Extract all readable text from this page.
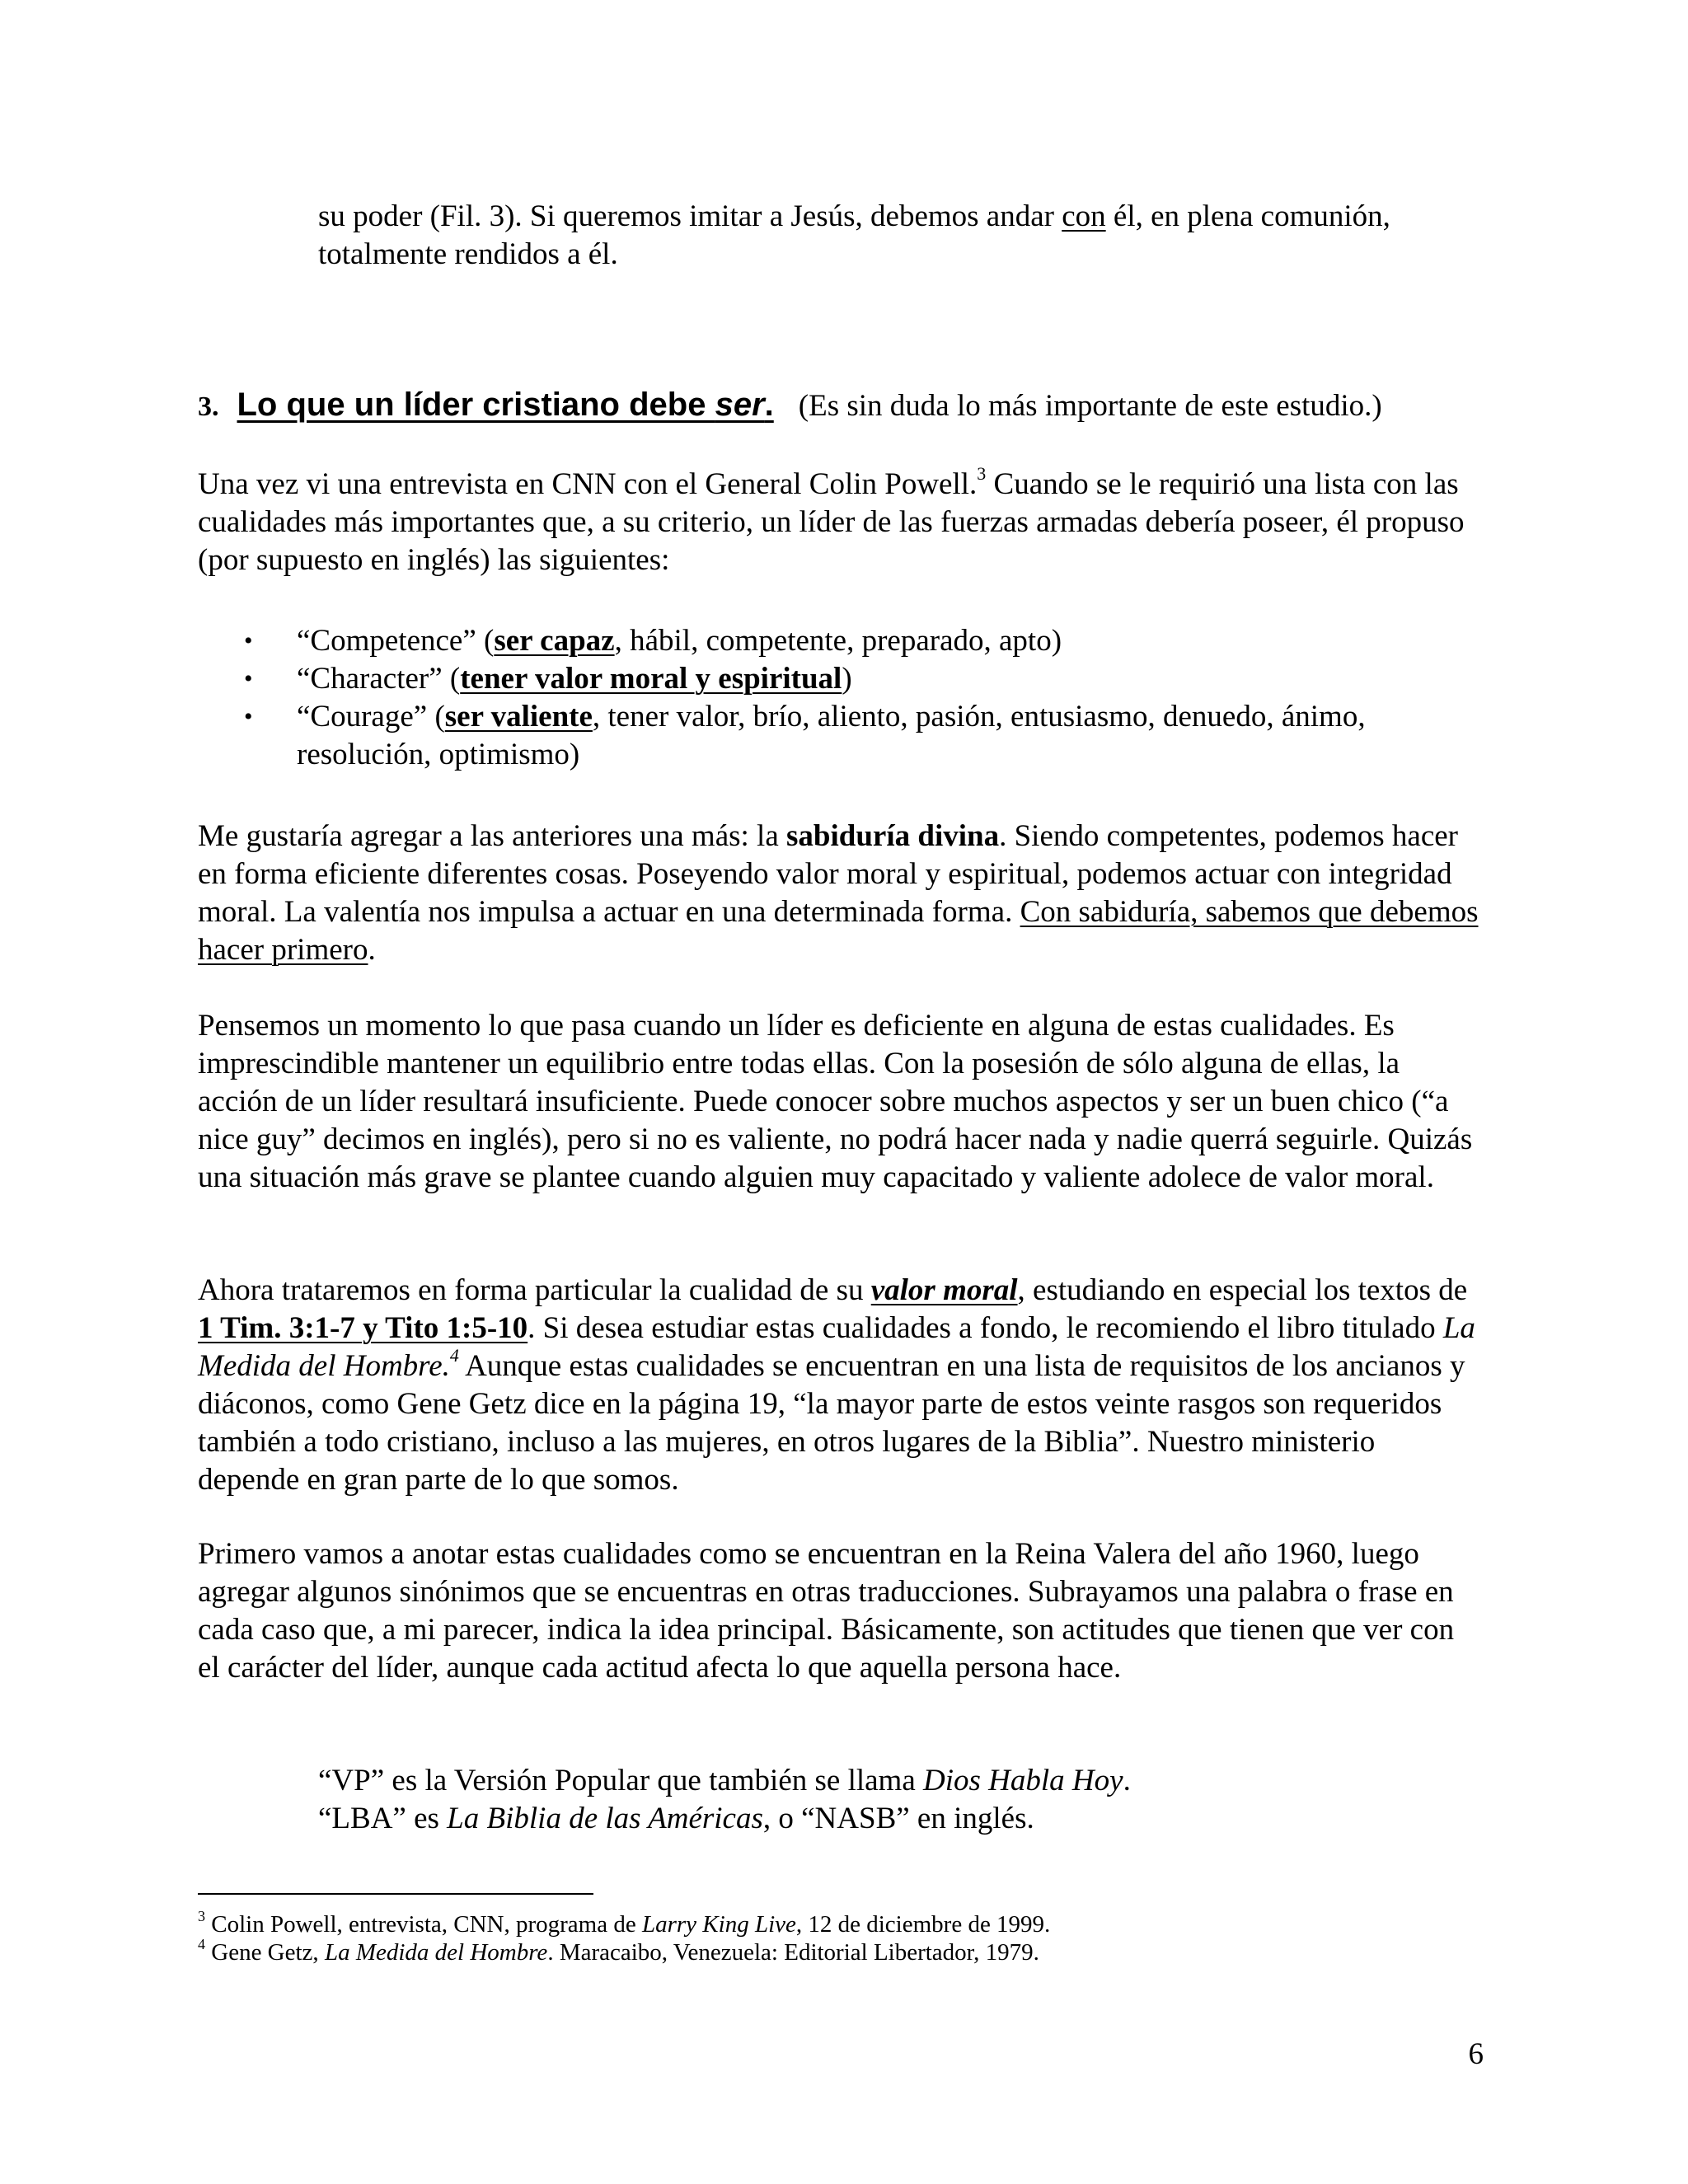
su poder (Fil. 3). Si queremos imitar a Jesús, debemos andar con él, en plena comunión, totalmente rendidos a él.

3. Lo que un líder cristiano debe ser. (Es sin duda lo más importante de este estudio.)

Una vez vi una entrevista en CNN con el General Colin Powell.$^3$ Cuando se le requirió una lista con las cualidades más importantes que, a su criterio, un líder de las fuerzas armadas debería poseer, él propuso (por supuesto en inglés) las siguientes:

• “Competence” (ser capaz, hábil, competente, preparado, apto)
• “Character” (tener valor moral y espiritual)
• “Courage” (ser valiente, tener valor, brío, aliento, pasión, entusiasmo, denuedo, ánimo, resolución, optimismo)

Me gustaría agregar a las anteriores una más: la sabiduría divina. Siendo competentes, podemos hacer en forma eficiente diferentes cosas. Poseyendo valor moral y espiritual, podemos actuar con integridad moral. La valentía nos impulsa a actuar en una determinada forma. Con sabiduría, sabemos que debemos hacer primero.

Pensemos un momento lo que pasa cuando un líder es deficiente en alguna de estas cualidades. Es imprescindible mantener un equilibrio entre todas ellas. Con la posesión de sólo alguna de ellas, la acción de un líder resultará insuficiente. Puede conocer sobre muchos aspectos y ser un buen chico (“a nice guy” decimos en inglés), pero si no es valiente, no podrá hacer nada y nadie querrá seguirle. Quizás una situación más grave se plantee cuando alguien muy capacitado y valiente adolece de valor moral.

Ahora trataremos en forma particular la cualidad de su valor moral, estudiando en especial los textos de 1 Tim. 3:1-7 y Tito 1:5-10. Si desea estudiar estas cualidades a fondo, le recomiendo el libro titulado La Medida del Hombre.$^4$ Aunque estas cualidades se encuentran en una lista de requisitos de los ancianos y diáconos, como Gene Getz dice en la página 19, “la mayor parte de estos veinte rasgos son requeridos también a todo cristiano, incluso a las mujeres, en otros lugares de la Biblia”. Nuestro ministerio depende en gran parte de lo que somos.

Primero vamos a anotar estas cualidades como se encuentran en la Reina Valera del año 1960, luego agregar algunos sinónimos que se encuentras en otras traducciones. Subrayamos una palabra o frase en cada caso que, a mi parecer, indica la idea principal. Básicamente, son actitudes que tienen que ver con el carácter del líder, aunque cada actitud afecta lo que aquella persona hace.

“VP” es la Versión Popular que también se llama Dios Habla Hoy.
“LBA” es La Biblia de las Américas, o “NASB” en inglés.

$^3$ Colin Powell, entrevista, CNN, programa de Larry King Live, 12 de diciembre de 1999.
$^4$ Gene Getz, La Medida del Hombre. Maracaibo, Venezuela: Editorial Libertador, 1979.
6
